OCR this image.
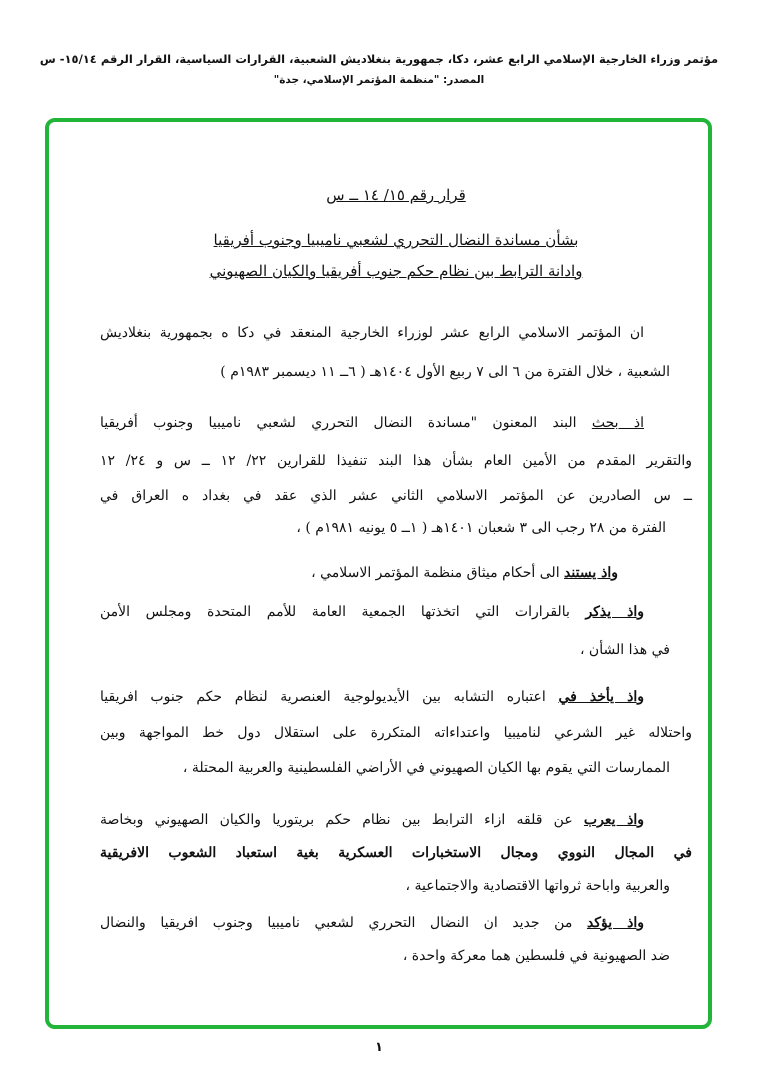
مؤتمر وزراء الخارجية الإسلامي الرابع عشر، دكا، جمهورية بنغلاديش الشعبية، القرارات السياسية، القرار الرقم ١٥/١٤- س
المصدر: "منظمة المؤتمر الإسلامي، جدة"
قرار رقم ١٥/ ١٤ ــ س
بشأن مساندة النضال التحرري لشعبي ناميبيا وجنوب أفريقيا
وادانة الترابط بين نظام حكم جنوب أفريقيا والكيان الصهيوني
ان المؤتمر الاسلامي الرابع عشر لوزراء الخارجية المنعقد في دكا ه بجمهورية بنغلاديش
الشعبية ، خلال الفترة من ٦ الى ٧ ربيع الأول ١٤٠٤هـ ( ٦ــ ١١ ديسمبر ١٩٨٣م )
اذ بحث البند المعنون "مساندة النضال التحرري لشعبي ناميبيا وجنوب أفريقيا
والتقرير المقدم من الأمين العام بشأن هذا البند تنفيذا للقرارين ٢٢/ ١٢ ــ س و ٢٤/ ١٢
ــ س الصادرين عن المؤتمر الاسلامي الثاني عشر الذي عقد في بغداد ه العراق في
الفترة من ٢٨ رجب الى ٣ شعبان ١٤٠١هـ ( ١ــ ٥ يونيه ١٩٨١م ) ،
واذ يستند الى أحكام ميثاق منظمة المؤتمر الاسلامي ،
واذ يذكر بالقرارات التي اتخذتها الجمعية العامة للأمم المتحدة ومجلس الأمن
في هذا الشأن ،
واذ يأخذ في اعتباره التشابه بين الأيديولوجية العنصرية لنظام حكم جنوب افريقيا
واحتلاله غير الشرعي لناميبيا واعتداءاته المتكررة على استقلال دول خط المواجهة وبين
الممارسات التي يقوم بها الكيان الصهيوني في الأراضي الفلسطينية والعربية المحتلة ،
واذ يعرب عن قلقه ازاء الترابط بين نظام حكم بريتوريا والكيان الصهيوني وبخاصة
في المجال النووي ومجال الاستخبارات العسكرية بغية استعباد الشعوب الافريقية
والعربية واباحة ثرواتها الاقتصادية والاجتماعية ،
واذ يؤكد من جديد ان النضال التحرري لشعبي ناميبيا وجنوب افريقيا والنضال
ضد الصهيونية في فلسطين هما معركة واحدة ،
١
